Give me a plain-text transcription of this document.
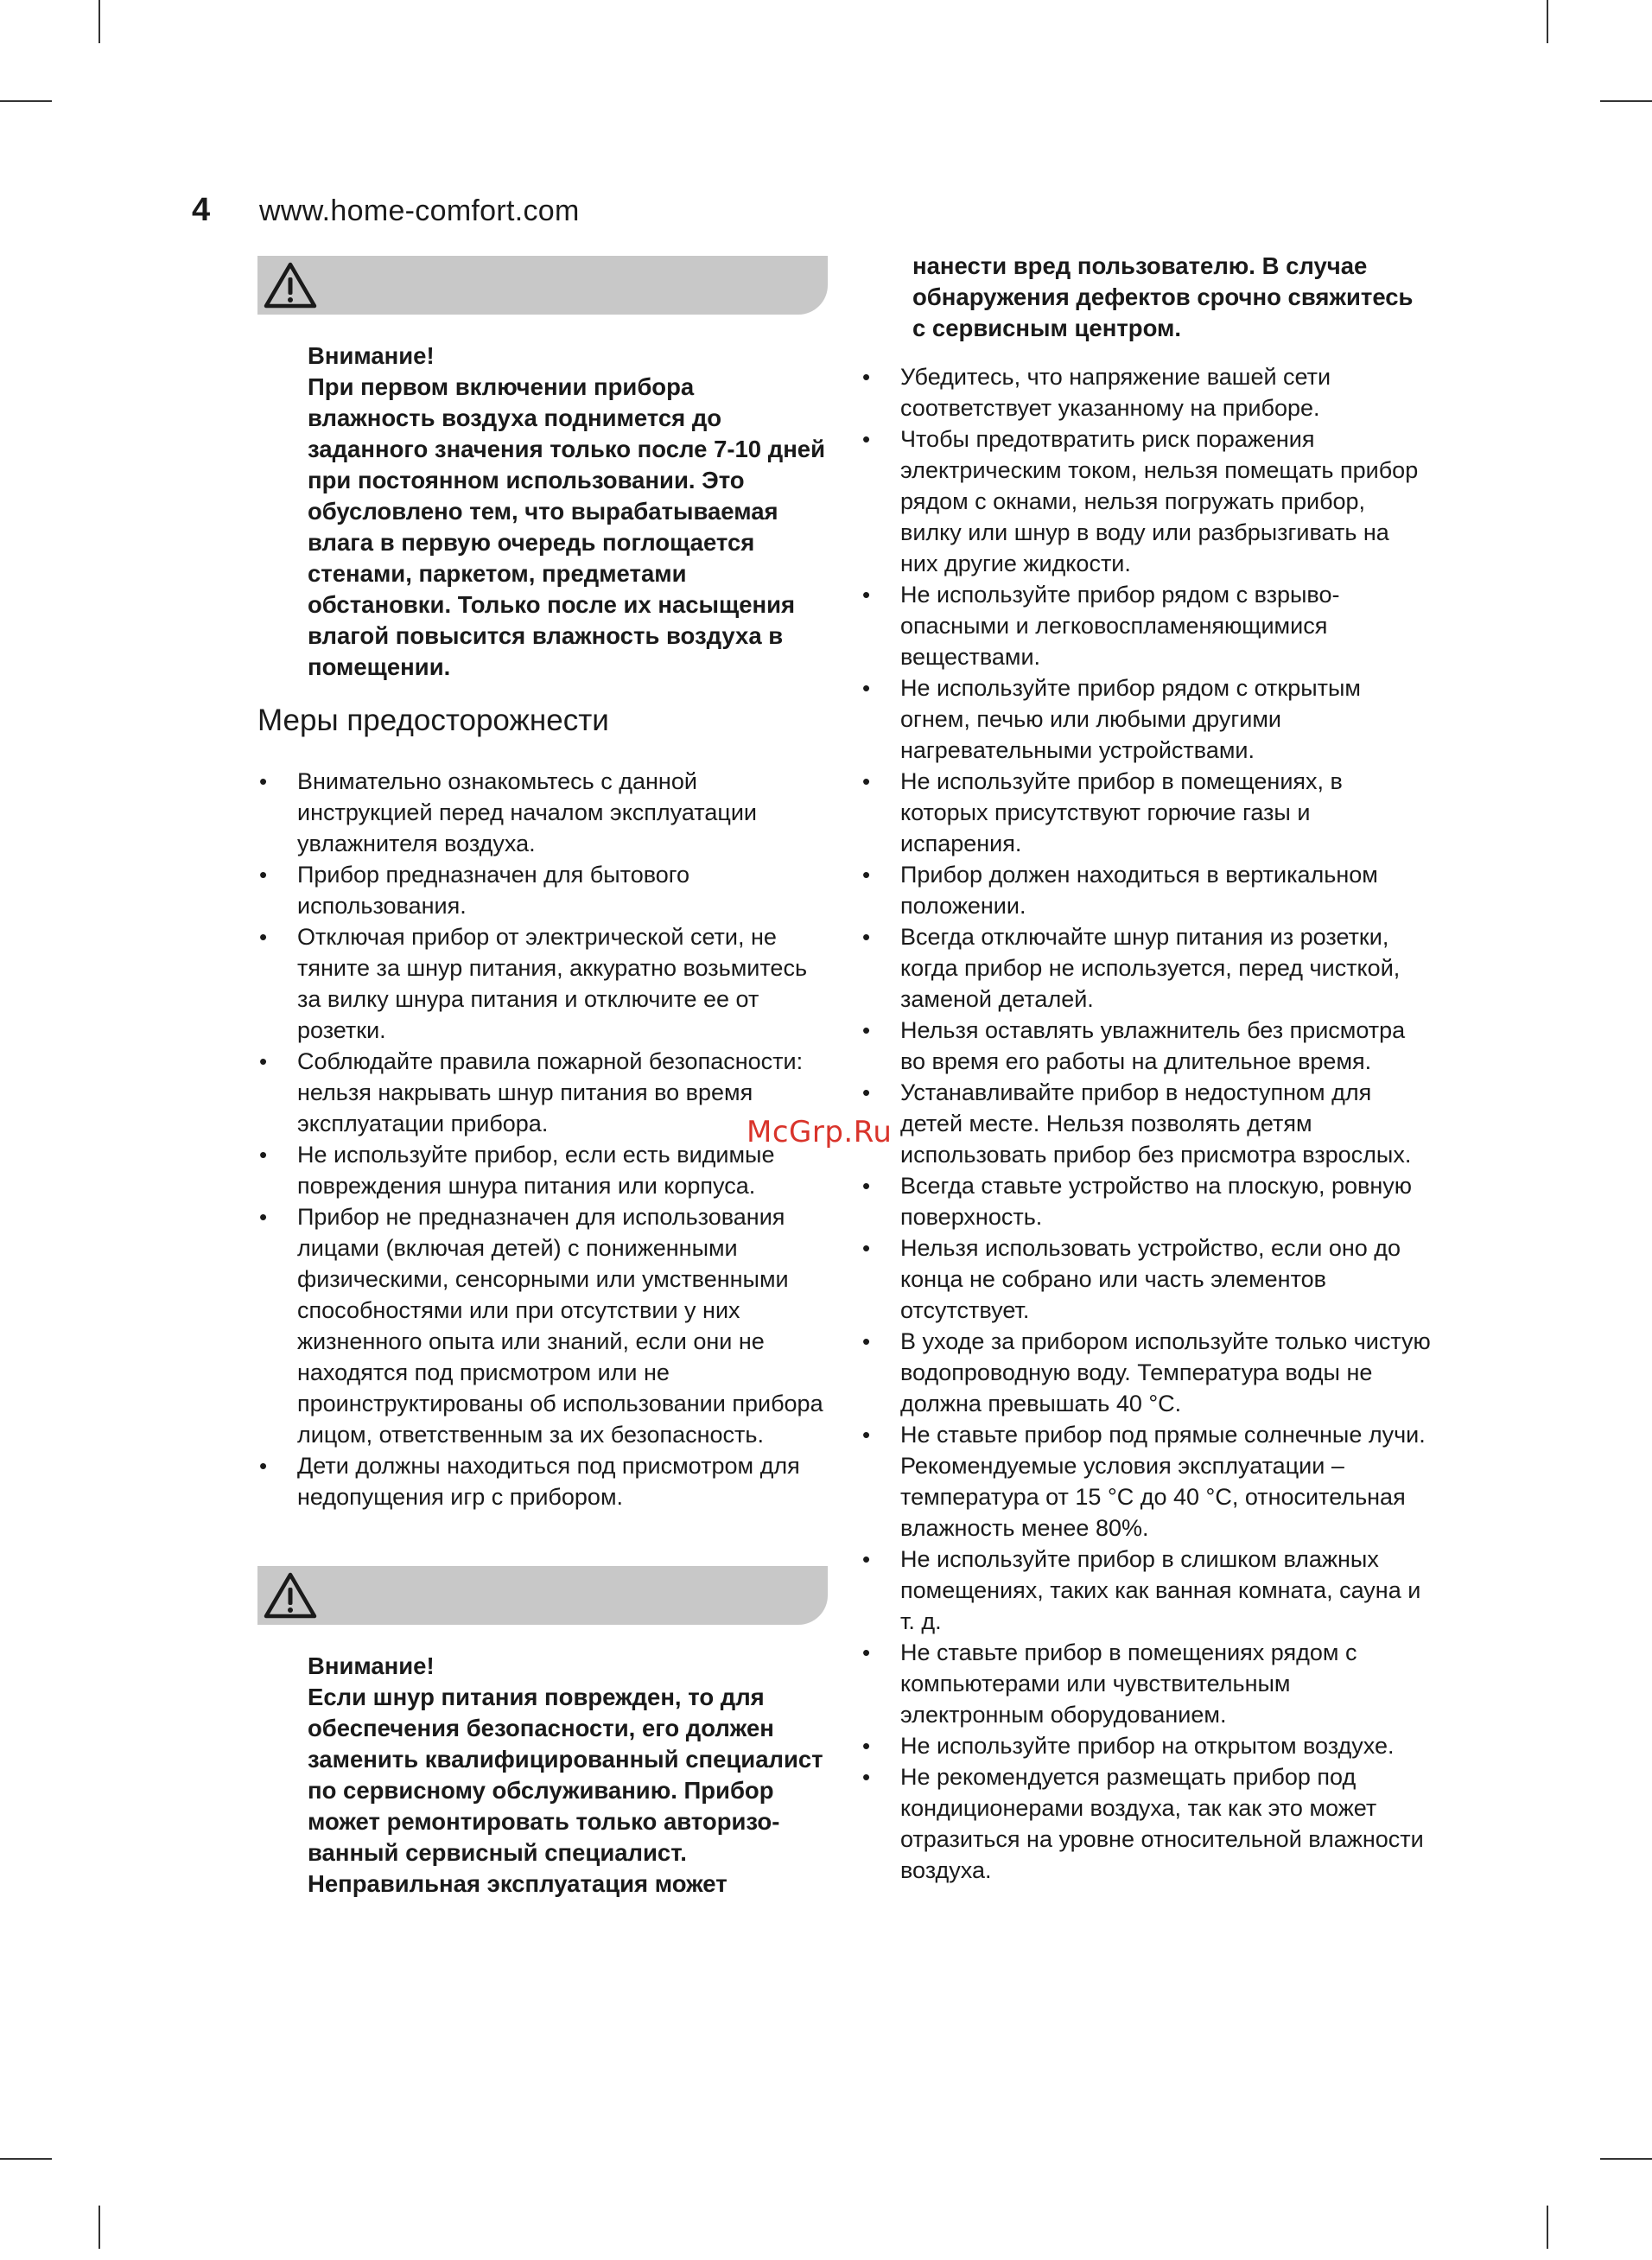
4	www.home-comfort.com

Внимание!

При первом включении прибора влажность воздуха поднимется до заданного значения только после 7-10 дней при постоянном использовании. Это обусловлено тем, что вырабатываемая влага в первую очередь поглощается стенами, паркетом, предметами обстановки. Только после их насыщения влагой повысится влажность воздуха в помещении.

Меры предосторожнести
• Внимательно ознакомьтесь с данной инструкцией перед началом эксплуатации увлажнителя воздуха.
• Прибор предназначен для бытового использования.
• Отключая прибор от электрической сети, не тяните за шнур питания, аккуратно возьмитесь за вилку шнура питания и отключите ее от розетки.
• Соблюдайте правила пожарной безопасности: нельзя накрывать шнур питания во время эксплуатации прибора.
• Не используйте прибор, если есть видимые повреждения шнура питания или корпуса.
• Прибор не предназначен для использования лицами (включая детей) с пониженными физическими, сенсорными или умственными способностями или при отсутствии у них жизненного опыта или знаний, если они не находятся под присмотром или не проинструктированы об использовании прибора лицом, ответственным за их безопасность.
• Дети должны находиться под присмотром для недопущения игр с прибором.

Внимание!

Если шнур питания поврежден, то для обеспечения безопасности, его должен заменить квалифицированный специалист по сервисному обслуживанию. Прибор может ремонтировать только авторизованный сервисный специалист. Неправильная эксплуатация может

нанести вред пользователю. В случае обнаружения дефектов срочно свяжитесь с сервисным центром.
• Убедитесь, что напряжение вашей сети соответствует указанному на приборе.
• Чтобы предотвратить риск поражения электрическим током, нельзя помещать прибор рядом с окнами, нельзя погружать прибор, вилку или шнур в воду или разбрызгивать на них другие жидкости.
• Не используйте прибор рядом с взрывоопасными и легковоспламеняющимися веществами.
• Не используйте прибор рядом с открытым огнем, печью или любыми другими нагревательными устройствами.
• Не используйте прибор в помещениях, в которых присутствуют горючие газы и испарения.
• Прибор должен находиться в вертикальном положении.
• Всегда отключайте шнур питания из розетки, когда прибор не используется, перед чисткой, заменой деталей.
• Нельзя оставлять увлажнитель без присмотра во время его работы на длительное время.
• Устанавливайте прибор в недоступном для детей месте. Нельзя позволять детям использовать прибор без присмотра взрослых.
• Всегда ставьте устройство на плоскую, ровную поверхность.
• Нельзя использовать устройство, если оно до конца не собрано или часть элементов отсутствует.
• В уходе за прибором используйте только чистую водопроводную воду. Температура воды не должна превышать 40 °C.
• Не ставьте прибор под прямые солнечные лучи. Рекомендуемые условия эксплуатации – температура от 15 °C до 40 °C, относительная влажность менее 80%.
• Не используйте прибор в слишком влажных помещениях, таких как ванная комната, сауна и т. д.
• Не ставьте прибор в помещениях рядом с компьютерами или чувствительным электронным оборудованием.
• Не используйте прибор на открытом воздухе.
• Не рекомендуется размещать прибор под кондиционерами воздуха, так как это может отразиться на уровне относительной влажности воздуха.
McGrp.Ru
